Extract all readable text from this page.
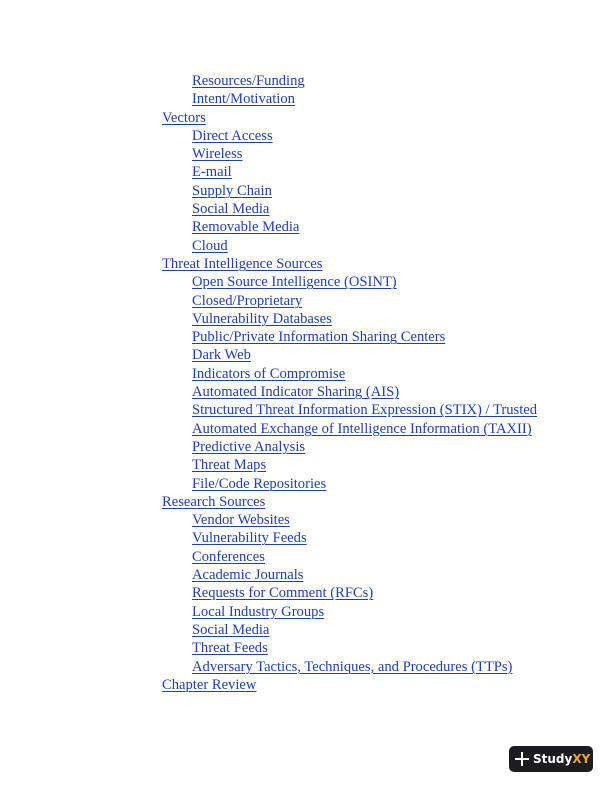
Resources/Funding
Intent/Motivation
Vectors
Direct Access
Wireless
E-mail
Supply Chain
Social Media
Removable Media
Cloud
Threat Intelligence Sources
Open Source Intelligence (OSINT)
Closed/Proprietary
Vulnerability Databases
Public/Private Information Sharing Centers
Dark Web
Indicators of Compromise
Automated Indicator Sharing (AIS)
Structured Threat Information Expression (STIX) / Trusted Automated Exchange of Intelligence Information (TAXII)
Predictive Analysis
Threat Maps
File/Code Repositories
Research Sources
Vendor Websites
Vulnerability Feeds
Conferences
Academic Journals
Requests for Comment (RFCs)
Local Industry Groups
Social Media
Threat Feeds
Adversary Tactics, Techniques, and Procedures (TTPs)
Chapter Review
Study XY
